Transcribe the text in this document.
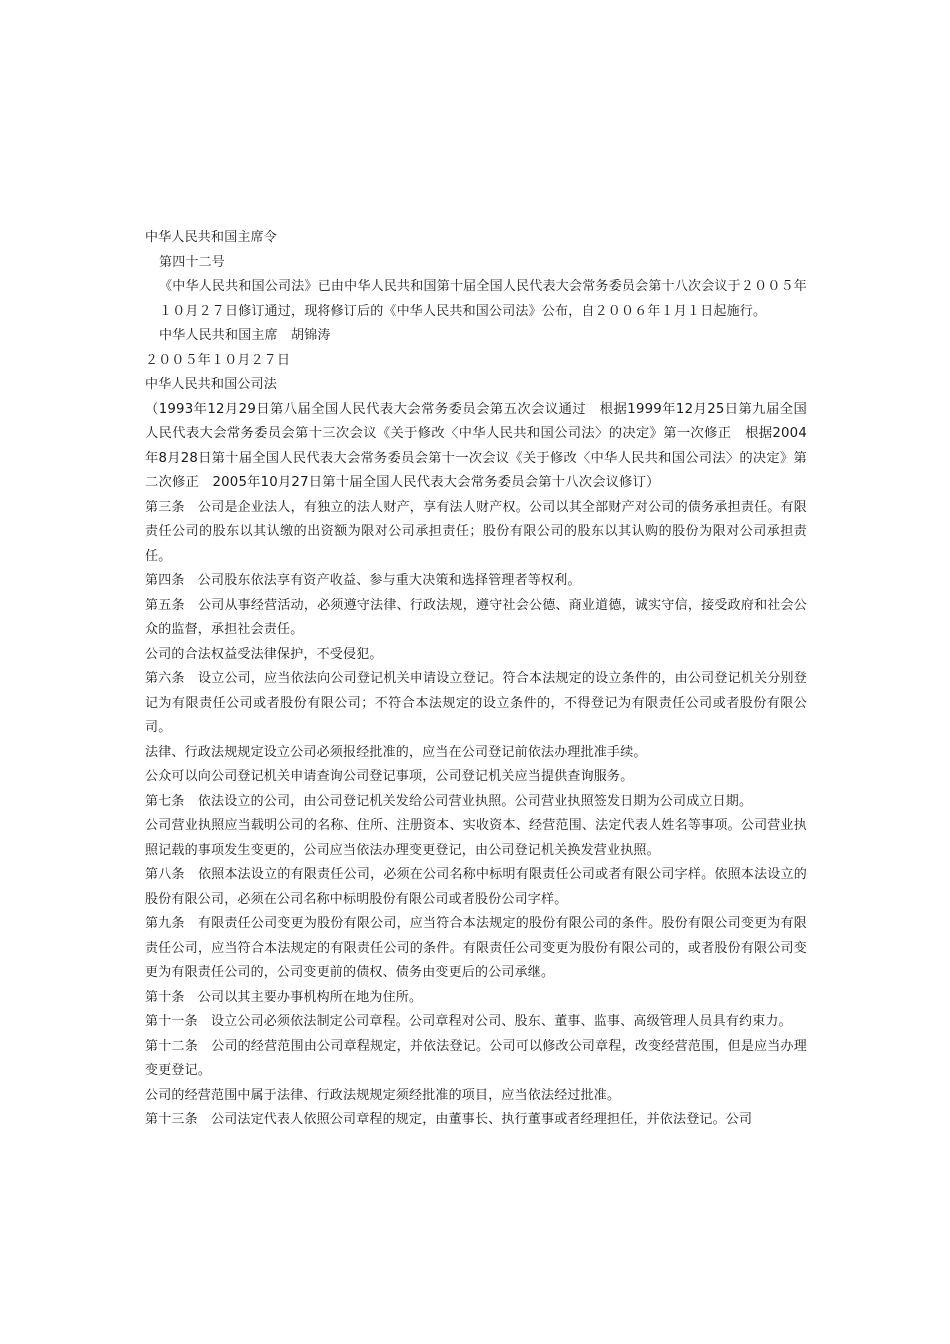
中华人民共和国主席令

第四十二号

《中华人民共和国公司法》已由中华人民共和国第十届全国人民代表大会常务委员会第十八次会议于２００５年１０月２７日修订通过，现将修订后的《中华人民共和国公司法》公布，自２００６年１月１日起施行。

中华人民共和国主席　胡锦涛

２００５年１０月２７日

中华人民共和国公司法

（1993年12月29日第八届全国人民代表大会常务委员会第五次会议通过　根据1999年12月25日第九届全国人民代表大会常务委员会第十三次会议《关于修改〈中华人民共和国公司法〉的决定》第一次修正　根据2004年8月28日第十届全国人民代表大会常务委员会第十一次会议《关于修改〈中华人民共和国公司法〉的决定》第二次修正　2005年10月27日第十届全国人民代表大会常务委员会第十八次会议修订）

第三条　公司是企业法人，有独立的法人财产，享有法人财产权。公司以其全部财产对公司的债务承担责任。有限责任公司的股东以其认缴的出资额为限对公司承担责任；股份有限公司的股东以其认购的股份为限对公司承担责任。

第四条　公司股东依法享有资产收益、参与重大决策和选择管理者等权利。

第五条　公司从事经营活动，必须遵守法律、行政法规，遵守社会公德、商业道德，诚实守信，接受政府和社会公众的监督，承担社会责任。

公司的合法权益受法律保护，不受侵犯。

第六条　设立公司，应当依法向公司登记机关申请设立登记。符合本法规定的设立条件的，由公司登记机关分别登记为有限责任公司或者股份有限公司；不符合本法规定的设立条件的，不得登记为有限责任公司或者股份有限公司。

法律、行政法规规定设立公司必须报经批准的，应当在公司登记前依法办理批准手续。

公众可以向公司登记机关申请查询公司登记事项，公司登记机关应当提供查询服务。

第七条　依法设立的公司，由公司登记机关发给公司营业执照。公司营业执照签发日期为公司成立日期。

公司营业执照应当载明公司的名称、住所、注册资本、实收资本、经营范围、法定代表人姓名等事项。公司营业执照记载的事项发生变更的，公司应当依法办理变更登记，由公司登记机关换发营业执照。

第八条　依照本法设立的有限责任公司，必须在公司名称中标明有限责任公司或者有限公司字样。依照本法设立的股份有限公司，必须在公司名称中标明股份有限公司或者股份公司字样。

第九条　有限责任公司变更为股份有限公司，应当符合本法规定的股份有限公司的条件。股份有限公司变更为有限责任公司，应当符合本法规定的有限责任公司的条件。有限责任公司变更为股份有限公司的，或者股份有限公司变更为有限责任公司的，公司变更前的债权、债务由变更后的公司承继。

第十条　公司以其主要办事机构所在地为住所。

第十一条　设立公司必须依法制定公司章程。公司章程对公司、股东、董事、监事、高级管理人员具有约束力。

第十二条　公司的经营范围由公司章程规定，并依法登记。公司可以修改公司章程，改变经营范围，但是应当办理变更登记。

公司的经营范围中属于法律、行政法规规定须经批准的项目，应当依法经过批准。

第十三条　公司法定代表人依照公司章程的规定，由董事长、执行董事或者经理担任，并依法登记。公司
